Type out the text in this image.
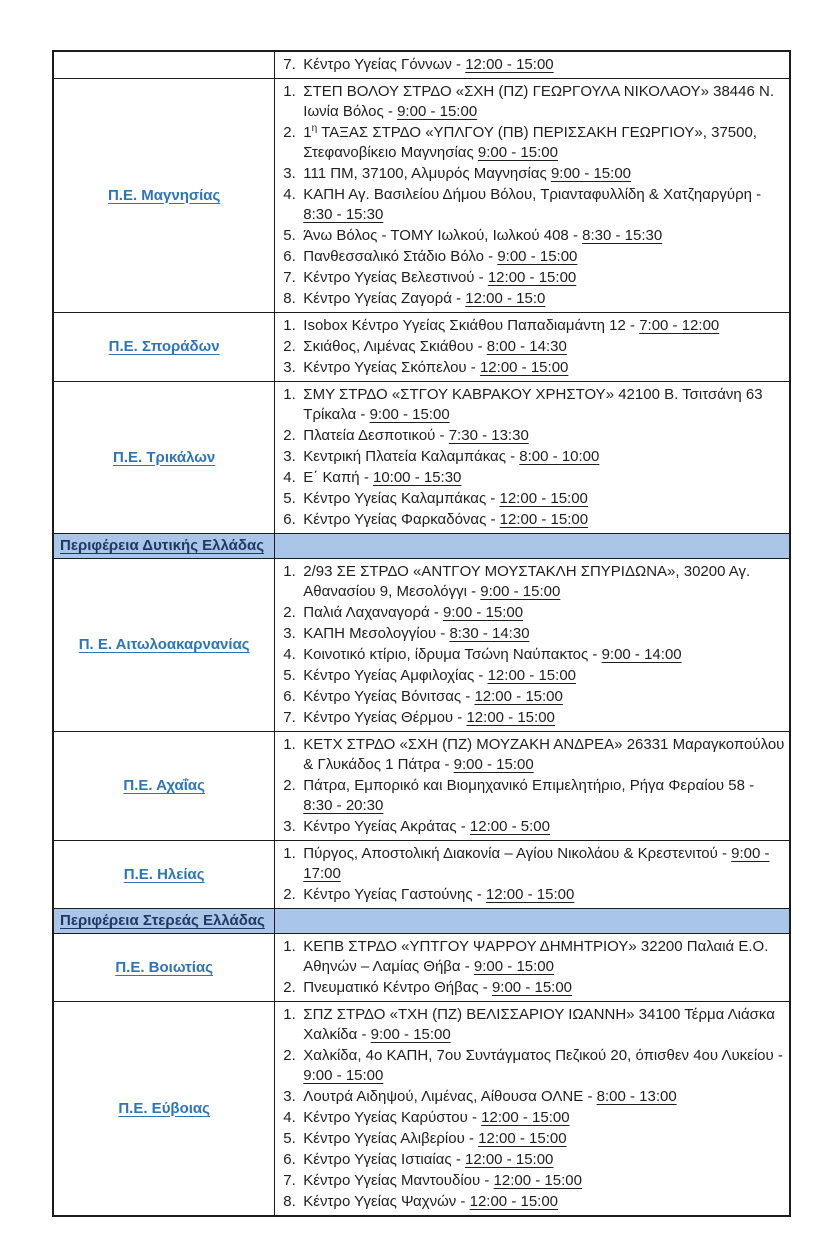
	7. Κέντρο Υγείας Γόννων - 12:00 - 15:00

Π.Ε. Μαγνησίας	
1. ΣΤΕΠ ΒΟΛΟΥ ΣΤΡΔΟ «ΣΧΗ (ΠΖ) ΓΕΩΡΓΟΥΛΑ ΝΙΚΟΛΑΟΥ» 38446 Ν. Ιωνία Βόλος - 9:00 - 15:00
2. $1^\eta$ ΤΑΞΑΣ ΣΤΡΔΟ «ΥΠΛΓΟΥ (ΠΒ) ΠΕΡΙΣΣΑΚΗ ΓΕΩΡΓΙΟΥ», 37500, Στεφανοβίκειο Μαγνησίας 9:00 - 15:00
3. 111 ΠΜ, 37100, Αλμυρός Μαγνησίας 9:00 - 15:00
4. ΚΑΠΗ Αγ. Βασιλείου Δήμου Βόλου, Τριανταφυλλίδη & Χατζηαργύρη - 8:30 - 15:30
5. Άνω Βόλος - ΤΟΜΥ Ιωλκού, Ιωλκού 408 - 8:30 - 15:30
6. Πανθεσσαλικό Στάδιο Βόλο - 9:00 - 15:00
7. Κέντρο Υγείας Βελεστινού - 12:00 - 15:00
8. Κέντρο Υγείας Ζαγορά - 12:00 - 15:0

Π.Ε. Σποράδων	
1. Isobox Κέντρο Υγείας Σκιάθου Παπαδιαμάντη 12 - 7:00 - 12:00
2. Σκιάθος, Λιμένας Σκιάθου - 8:00 - 14:30
3. Κέντρο Υγείας Σκόπελου - 12:00 - 15:00

Π.Ε. Τρικάλων	
1. ΣΜΥ ΣΤΡΔΟ «ΣΤΓΟΥ ΚΑΒΡΑΚΟΥ ΧΡΗΣΤΟΥ» 42100 Β. Τσιτσάνη 63 Τρίκαλα - 9:00 - 15:00
2. Πλατεία Δεσποτικού - 7:30 - 13:30
3. Κεντρική Πλατεία Καλαμπάκας - 8:00 - 10:00
4. Ε΄ Καπή - 10:00 - 15:30
5. Κέντρο Υγείας Καλαμπάκας - 12:00 - 15:00
6. Κέντρο Υγείας Φαρκαδόνας - 12:00 - 15:00

Περιφέρεια Δυτικής Ελλάδας	
Π. Ε. Αιτωλοακαρνανίας	
1. 2/93 ΣΕ ΣΤΡΔΟ «ΑΝΤΓΟΥ ΜΟΥΣΤΑΚΛΗ ΣΠΥΡΙΔΩΝΑ», 30200 Αγ. Αθανασίου 9, Μεσολόγγι - 9:00 - 15:00
2. Παλιά Λαχαναγορά - 9:00 - 15:00
3. ΚΑΠΗ Μεσολογγίου - 8:30 - 14:30
4. Κοινοτικό κτίριο, ίδρυμα Τσώνη Ναύπακτος - 9:00 - 14:00
5. Κέντρο Υγείας Αμφιλοχίας - 12:00 - 15:00
6. Κέντρο Υγείας Βόνιτσας - 12:00 - 15:00
7. Κέντρο Υγείας Θέρμου - 12:00 - 15:00

Π.Ε. Αχαΐας	
1. ΚΕΤΧ ΣΤΡΔΟ «ΣΧΗ (ΠΖ) ΜΟΥΖΑΚΗ ΑΝΔΡΕΑ» 26331 Μαραγκοπούλου & Γλυκάδος 1 Πάτρα - 9:00 - 15:00
2. Πάτρα, Εμπορικό και Βιομηχανικό Επιμελητήριο, Ρήγα Φεραίου 58 - 8:30 - 20:30
3. Κέντρο Υγείας Ακράτας - 12:00 - 5:00

Π.Ε. Ηλείας	1. Πύργος, Αποστολική Διακονία – Αγίου Νικολάου & Κρεστενιτού - 9:00 - 17:00
2. Κέντρο Υγείας Γαστούνης - 12:00 - 15:00

Περιφέρεια Στερεάς Ελλάδας	
Π.Ε. Βοιωτίας	1. ΚΕΠΒ ΣΤΡΔΟ «ΥΠΤΓΟΥ ΨΑΡΡΟΥ ΔΗΜΗΤΡΙΟΥ» 32200 Παλαιά Ε.Ο. Αθηνών – Λαμίας Θήβα - 9:00 - 15:00
2. Πνευματικό Κέντρο Θήβας - 9:00 - 15:00

Π.Ε. Εύβοιας	
1. ΣΠΖ ΣΤΡΔΟ «ΤΧΗ (ΠΖ) ΒΕΛΙΣΣΑΡΙΟΥ ΙΩΑΝΝΗ» 34100 Τέρμα Λιάσκα Χαλκίδα - 9:00 - 15:00
2. Χαλκίδα, 4ο ΚΑΠΗ, 7ου Συντάγματος Πεζικού 20, όπισθεν 4ου Λυκείου - 9:00 - 15:00
3. Λουτρά Αιδηψού, Λιμένας, Αίθουσα ΟΛΝΕ - 8:00 - 13:00
4. Κέντρο Υγείας Καρύστου - 12:00 - 15:00
5. Κέντρο Υγείας Αλιβερίου - 12:00 - 15:00
6. Κέντρο Υγείας Ιστιαίας - 12:00 - 15:00
7. Κέντρο Υγείας Μαντουδίου - 12:00 - 15:00
8. Κέντρο Υγείας Ψαχνών - 12:00 - 15:00
